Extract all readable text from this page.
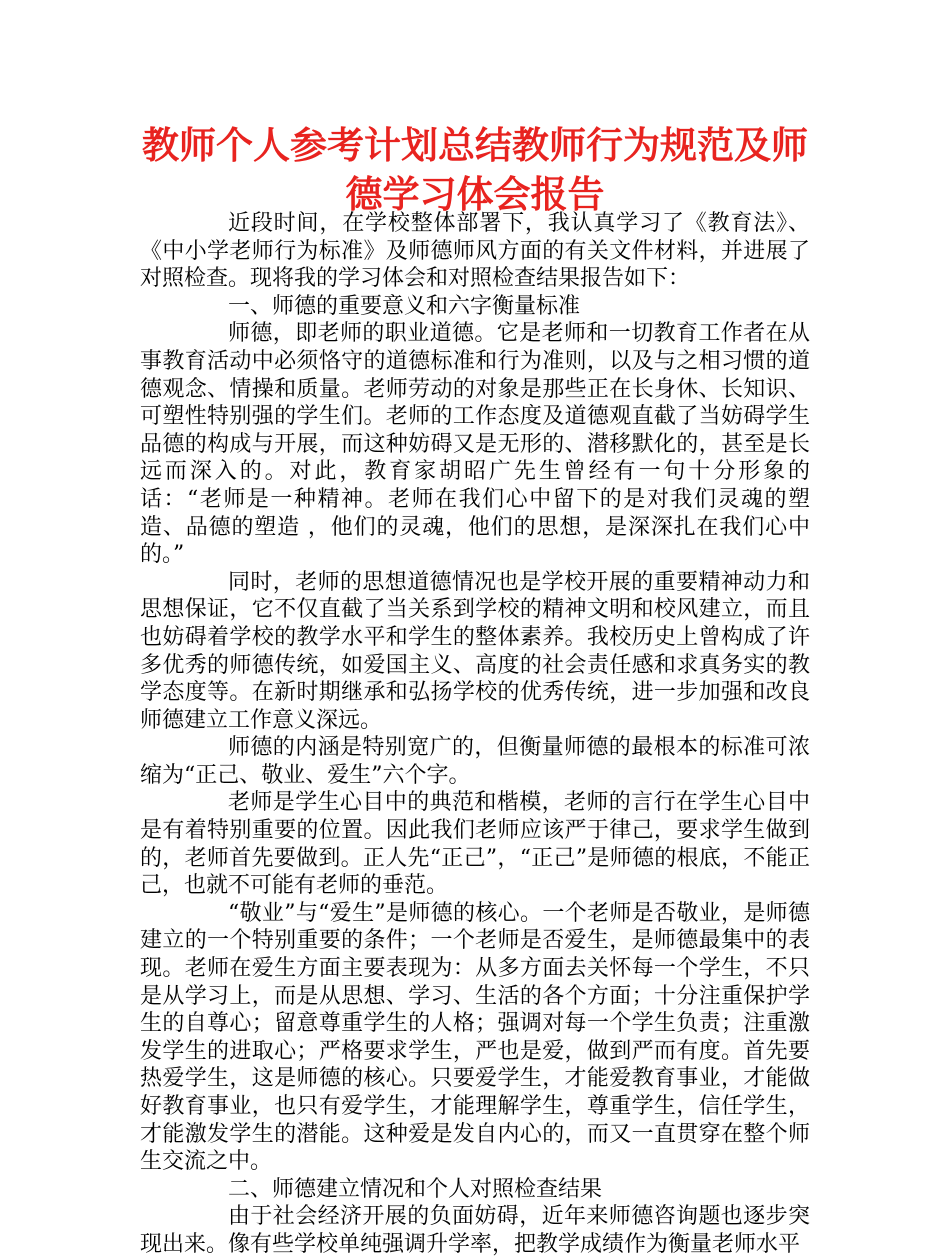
教师个人参考计划总结教师行为规范及师德学习体会报告

近段时间，在学校整体部署下，我认真学习了《教育法》、《中小学老师行为标准》及师德师风方面的有关文件材料，并进展了对照检查。现将我的学习体会和对照检查结果报告如下：

一、师德的重要意义和六字衡量标准

师德，即老师的职业道德。它是老师和一切教育工作者在从事教育活动中必须恪守的道德标准和行为准则，以及与之相习惯的道德观念、情操和质量。老师劳动的对象是那些正在长身休、长知识、可塑性特别强的学生们。老师的工作态度及道德观直截了当妨碍学生品德的构成与开展，而这种妨碍又是无形的、潜移默化的，甚至是长远而深入的。对此，教育家胡昭广先生曾经有一句十分形象的话：“老师是一种精神。老师在我们心中留下的是对我们灵魂的塑造、品德的塑造 ，他们的灵魂，他们的思想，是深深扎在我们心中的。”

同时，老师的思想道德情况也是学校开展的重要精神动力和思想保证，它不仅直截了当关系到学校的精神文明和校风建立，而且也妨碍着学校的教学水平和学生的整体素养。我校历史上曾构成了许多优秀的师德传统，如爱国主义、高度的社会责任感和求真务实的教学态度等。在新时期继承和弘扬学校的优秀传统，进一步加强和改良师德建立工作意义深远。

师德的内涵是特别宽广的，但衡量师德的最根本的标准可浓缩为“正己、敬业、爱生”六个字。

老师是学生心目中的典范和楷模，老师的言行在学生心目中是有着特别重要的位置。因此我们老师应该严于律己，要求学生做到的，老师首先要做到。正人先“正己”，“正己”是师德的根底，不能正己，也就不可能有老师的垂范。

“敬业”与“爱生”是师德的核心。一个老师是否敬业，是师德建立的一个特别重要的条件；一个老师是否爱生，是师德最集中的表现。老师在爱生方面主要表现为：从多方面去关怀每一个学生，不只是从学习上，而是从思想、学习、生活的各个方面；十分注重保护学生的自尊心；留意尊重学生的人格；强调对每一个学生负责；注重激发学生的进取心；严格要求学生，严也是爱，做到严而有度。首先要热爱学生，这是师德的核心。只要爱学生，才能爱教育事业，才能做好教育事业，也只有爱学生，才能理解学生，尊重学生，信任学生，才能激发学生的潜能。这种爱是发自内心的，而又一直贯穿在整个师生交流之中。

二、师德建立情况和个人对照检查结果

由于社会经济开展的负面妨碍，近年来师德咨询题也逐步突现出来。像有些学校单纯强调升学率，把教学成绩作为衡量老师水平
